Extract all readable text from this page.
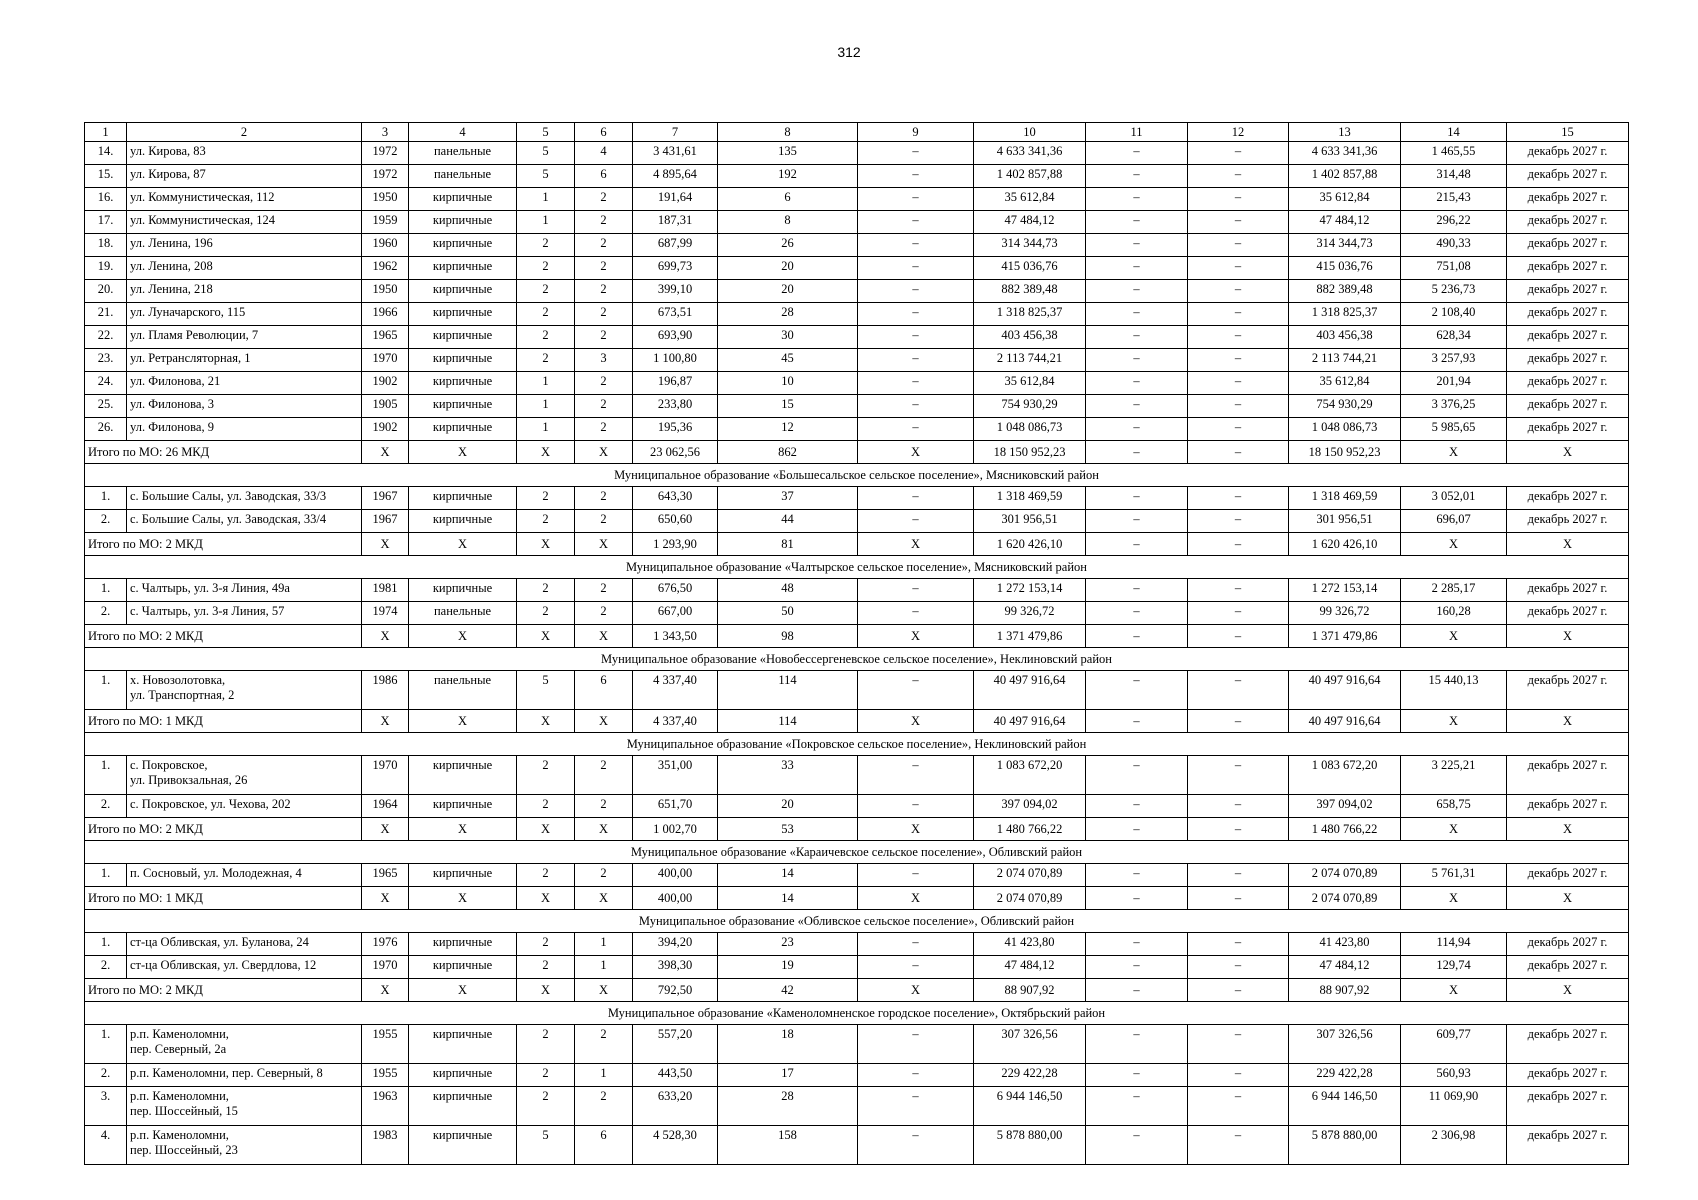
312
1	2	3	4	5	6	7	8	9	10	11	12	13	14	15
14.	ул. Кирова, 83	1972	панельные	5	4	3 431,61	135	–	4 633 341,36	–	–	4 633 341,36	1 465,55	декабрь 2027 г.
15.	ул. Кирова, 87	1972	панельные	5	6	4 895,64	192	–	1 402 857,88	–	–	1 402 857,88	314,48	декабрь 2027 г.
16.	ул. Коммунистическая, 112	1950	кирпичные	1	2	191,64	6	–	35 612,84	–	–	35 612,84	215,43	декабрь 2027 г.
17.	ул. Коммунистическая, 124	1959	кирпичные	1	2	187,31	8	–	47 484,12	–	–	47 484,12	296,22	декабрь 2027 г.
18.	ул. Ленина, 196	1960	кирпичные	2	2	687,99	26	–	314 344,73	–	–	314 344,73	490,33	декабрь 2027 г.
19.	ул. Ленина, 208	1962	кирпичные	2	2	699,73	20	–	415 036,76	–	–	415 036,76	751,08	декабрь 2027 г.
20.	ул. Ленина, 218	1950	кирпичные	2	2	399,10	20	–	882 389,48	–	–	882 389,48	5 236,73	декабрь 2027 г.
21.	ул. Луначарского, 115	1966	кирпичные	2	2	673,51	28	–	1 318 825,37	–	–	1 318 825,37	2 108,40	декабрь 2027 г.
22.	ул. Пламя Революции, 7	1965	кирпичные	2	2	693,90	30	–	403 456,38	–	–	403 456,38	628,34	декабрь 2027 г.
23.	ул. Ретрансляторная, 1	1970	кирпичные	2	3	1 100,80	45	–	2 113 744,21	–	–	2 113 744,21	3 257,93	декабрь 2027 г.
24.	ул. Филонова, 21	1902	кирпичные	1	2	196,87	10	–	35 612,84	–	–	35 612,84	201,94	декабрь 2027 г.
25.	ул. Филонова, 3	1905	кирпичные	1	2	233,80	15	–	754 930,29	–	–	754 930,29	3 376,25	декабрь 2027 г.
26.	ул. Филонова, 9	1902	кирпичные	1	2	195,36	12	–	1 048 086,73	–	–	1 048 086,73	5 985,65	декабрь 2027 г.
Итого по МО: 26 МКД		X	X	X	X	23 062,56	862	X	18 150 952,23	–	–	18 150 952,23	X	X
Муниципальное образование «Большесальское сельское поселение», Мясниковский район														
1.	с. Большие Салы, ул. Заводская, 33/3	1967	кирпичные	2	2	643,30	37	–	1 318 469,59	–	–	1 318 469,59	3 052,01	декабрь 2027 г.
2.	с. Большие Салы, ул. Заводская, 33/4	1967	кирпичные	2	2	650,60	44	–	301 956,51	–	–	301 956,51	696,07	декабрь 2027 г.
Итого по МО: 2 МКД		X	X	X	X	1 293,90	81	X	1 620 426,10	–	–	1 620 426,10	X	X
Муниципальное образование «Чалтырское сельское поселение», Мясниковский район														
1.	с. Чалтырь, ул. 3-я Линия, 49а	1981	кирпичные	2	2	676,50	48	–	1 272 153,14	–	–	1 272 153,14	2 285,17	декабрь 2027 г.
2.	с. Чалтырь, ул. 3-я Линия, 57	1974	панельные	2	2	667,00	50	–	99 326,72	–	–	99 326,72	160,28	декабрь 2027 г.
Итого по МО: 2 МКД		X	X	X	X	1 343,50	98	X	1 371 479,86	–	–	1 371 479,86	X	X
Муниципальное образование «Новобессергеневское сельское поселение», Неклиновский район														
1.	х. Новозолотовка,
ул. Транспортная, 2	1986	панельные	5	6	4 337,40	114	–	40 497 916,64	–	–	40 497 916,64	15 440,13	декабрь 2027 г.
Итого по МО: 1 МКД		X	X	X	X	4 337,40	114	X	40 497 916,64	–	–	40 497 916,64	X	X
Муниципальное образование «Покровское сельское поселение», Неклиновский район														
1.	с. Покровское,
ул. Привокзальная, 26	1970	кирпичные	2	2	351,00	33	–	1 083 672,20	–	–	1 083 672,20	3 225,21	декабрь 2027 г.
2.	с. Покровское, ул. Чехова, 202	1964	кирпичные	2	2	651,70	20	–	397 094,02	–	–	397 094,02	658,75	декабрь 2027 г.
Итого по МО: 2 МКД		X	X	X	X	1 002,70	53	X	1 480 766,22	–	–	1 480 766,22	X	X
Муниципальное образование «Караичевское сельское поселение», Обливский район														
1.	п. Сосновый, ул. Молодежная, 4	1965	кирпичные	2	2	400,00	14	–	2 074 070,89	–	–	2 074 070,89	5 761,31	декабрь 2027 г.
Итого по МО: 1 МКД		X	X	X	X	400,00	14	X	2 074 070,89	–	–	2 074 070,89	X	X
Муниципальное образование «Обливское сельское поселение», Обливский район														
1.	ст-ца Обливская, ул. Буланова, 24	1976	кирпичные	2	1	394,20	23	–	41 423,80	–	–	41 423,80	114,94	декабрь 2027 г.
2.	ст-ца Обливская, ул. Свердлова, 12	1970	кирпичные	2	1	398,30	19	–	47 484,12	–	–	47 484,12	129,74	декабрь 2027 г.
Итого по МО: 2 МКД		X	X	X	X	792,50	42	X	88 907,92	–	–	88 907,92	X	X
Муниципальное образование «Каменоломненское городское поселение», Октябрьский район														
1.	р.п. Каменоломни,
пер. Северный, 2а	1955	кирпичные	2	2	557,20	18	–	307 326,56	–	–	307 326,56	609,77	декабрь 2027 г.
2.	р.п. Каменоломни, пер. Северный, 8	1955	кирпичные	2	1	443,50	17	–	229 422,28	–	–	229 422,28	560,93	декабрь 2027 г.
3.	р.п. Каменоломни,
пер. Шоссейный, 15	1963	кирпичные	2	2	633,20	28	–	6 944 146,50	–	–	6 944 146,50	11 069,90	декабрь 2027 г.
4.	р.п. Каменоломни,
пер. Шоссейный, 23	1983	кирпичные	5	6	4 528,30	158	–	5 878 880,00	–	–	5 878 880,00	2 306,98	декабрь 2027 г.
